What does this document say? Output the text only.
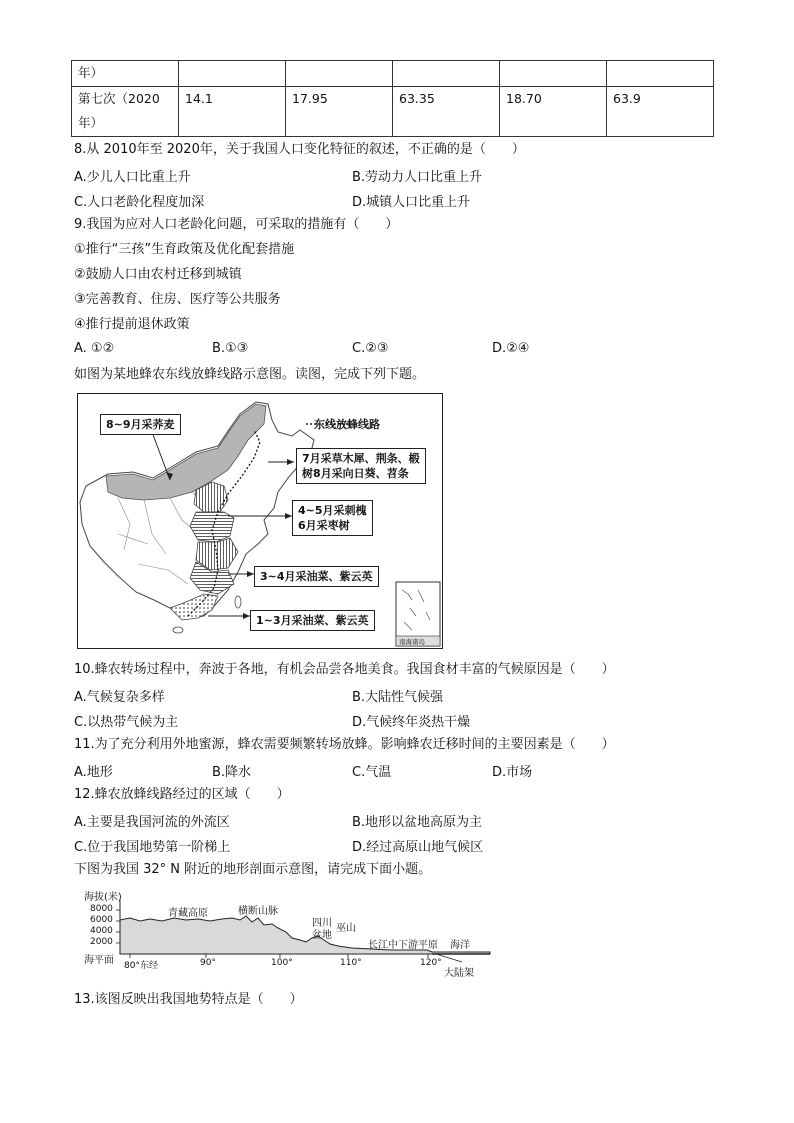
年）					

第七次（2020
年）	14.1	17.95	63.35	18.70	63.9
8.从 2010年至 2020年，关于我国人口变化特征的叙述，不正确的是（　　）
A.少儿人口比重上升	B.劳动力人口比重上升
C.人口老龄化程度加深	D.城镇人口比重上升
9.我国为应对人口老龄化问题，可采取的措施有（　　）
①推行“三孩”生育政策及优化配套措施
②鼓励人口由农村迁移到城镇
③完善教育、住房、医疗等公共服务
④推行提前退休政策
A. ①②	B.①③	C.②③	D.②④
如图为某地蜂农东线放蜂线路示意图。读图，完成下列下题。
东线放蜂线路
8~9月采荞麦
7月采草木犀、荆条、椴
树8月采向日葵、苕条
4~5月采刺槐
6月采枣树
3~4月采油菜、紫云英
1~3月采油菜、紫云英
南海诸岛
10.蜂农转场过程中，奔波于各地，有机会品尝各地美食。我国食材丰富的气候原因是（　　）
A.气候复杂多样	B.大陆性气候强
C.以热带气候为主	D.气候终年炎热干燥
11.为了充分利用外地蜜源，蜂农需要频繁转场放蜂。影响蜂农迁移时间的主要因素是（　　）
A.地形	B.降水	C.气温	D.市场
12.蜂农放蜂线路经过的区域（　　）
A.主要是我国河流的外流区	B.地形以盆地高原为主
C.位于我国地势第一阶梯上	D.经过高原山地气候区
下图为我国 32° N 附近的地形剖面示意图，请完成下面小题。
海拔(米)
8000
6000
4000
2000
海平面 80°东经	90°	100°	110°	120°
青藏高原	横断山脉
四川
盆地
巫山
长江中下游平原 海洋
大陆架
13.该图反映出我国地势特点是（　　）
